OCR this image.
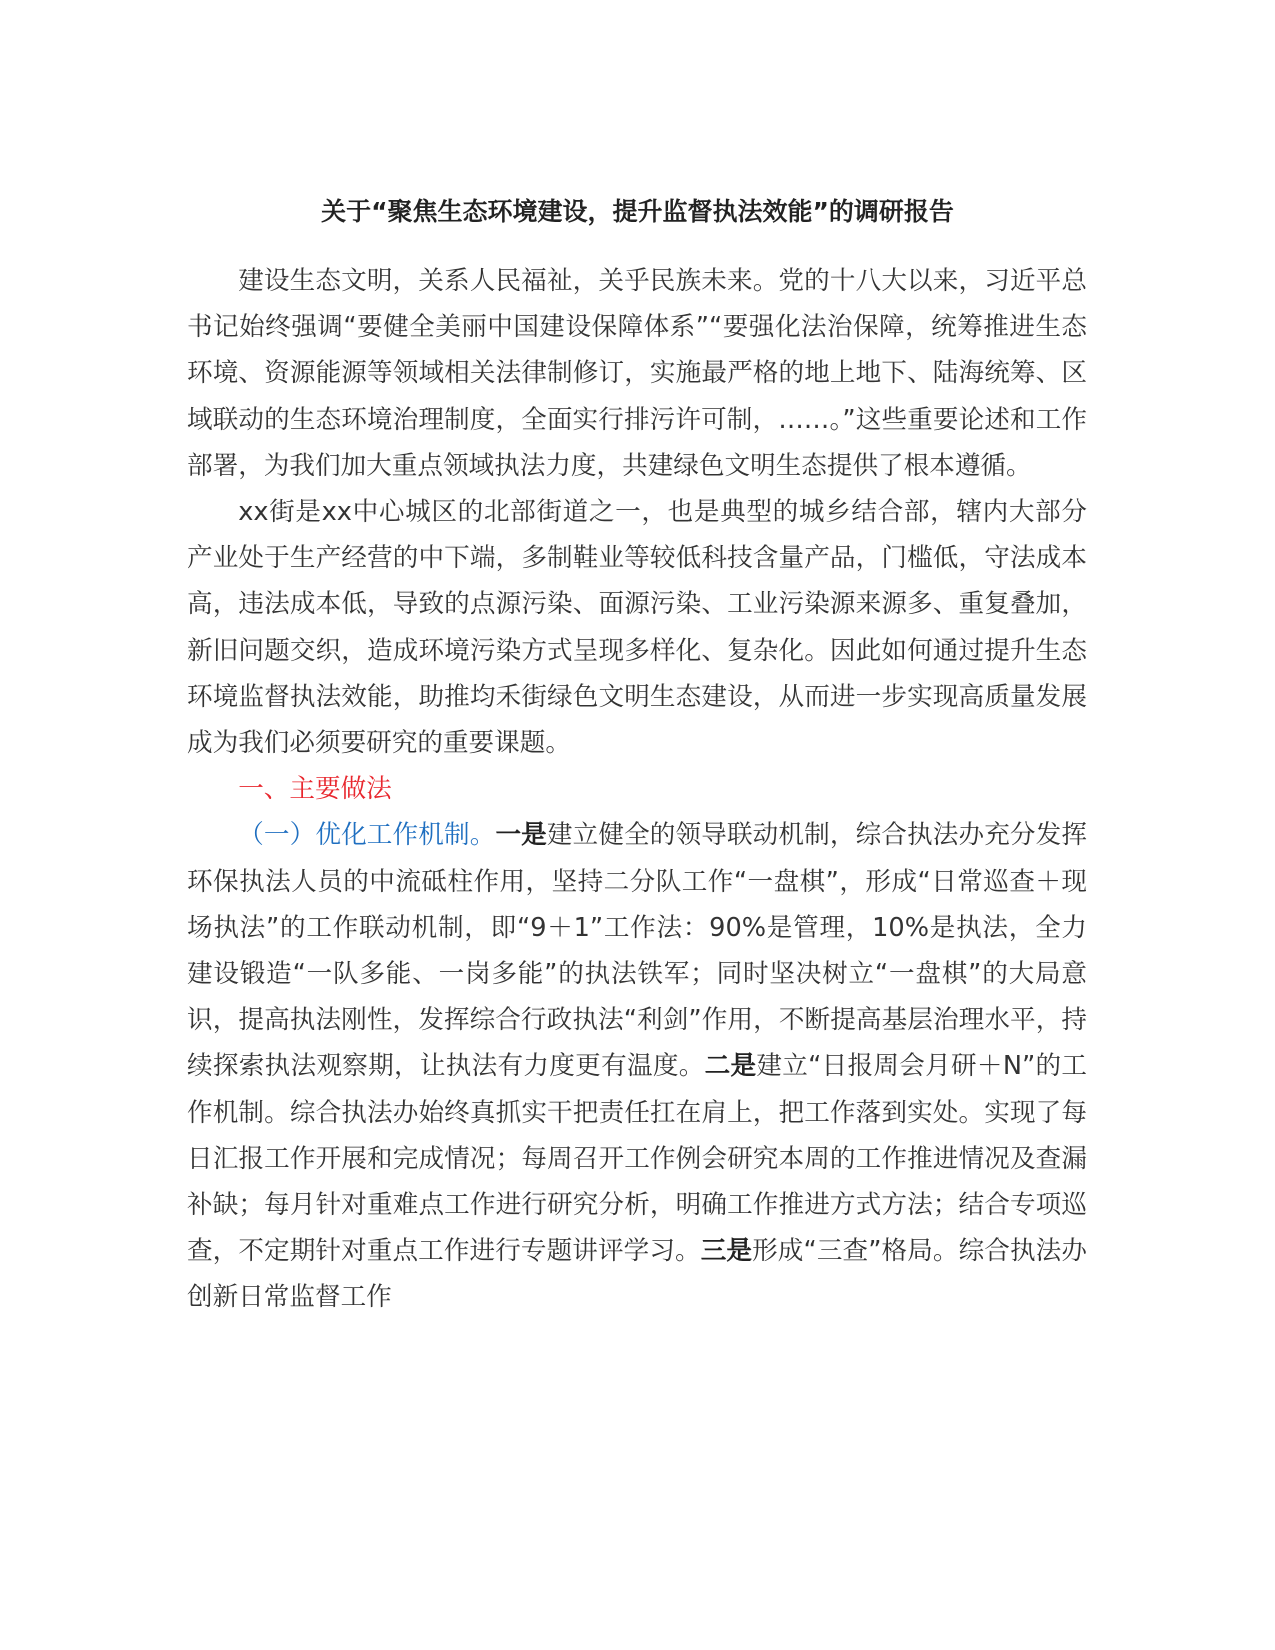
关于“聚焦生态环境建设，提升监督执法效能”的调研报告

建设生态文明，关系人民福祉，关乎民族未来。党的十八大以来，习近平总书记始终强调“要健全美丽中国建设保障体系”“要强化法治保障，统筹推进生态环境、资源能源等领域相关法律制修订，实施最严格的地上地下、陆海统筹、区域联动的生态环境治理制度，全面实行排污许可制，……。”这些重要论述和工作部署，为我们加大重点领域执法力度，共建绿色文明生态提供了根本遵循。

xx街是xx中心城区的北部街道之一，也是典型的城乡结合部，辖内大部分产业处于生产经营的中下端，多制鞋业等较低科技含量产品，门槛低，守法成本高，违法成本低，导致的点源污染、面源污染、工业污染源来源多、重复叠加，新旧问题交织，造成环境污染方式呈现多样化、复杂化。因此如何通过提升生态环境监督执法效能，助推均禾街绿色文明生态建设，从而进一步实现高质量发展成为我们必须要研究的重要课题。

一、主要做法

（一）优化工作机制。一是建立健全的领导联动机制，综合执法办充分发挥环保执法人员的中流砥柱作用，坚持二分队工作“一盘棋”，形成“日常巡查＋现场执法”的工作联动机制，即“9＋1”工作法：90%是管理，10%是执法，全力建设锻造“一队多能、一岗多能”的执法铁军；同时坚决树立“一盘棋”的大局意识，提高执法刚性，发挥综合行政执法“利剑”作用，不断提高基层治理水平，持续探索执法观察期，让执法有力度更有温度。二是建立“日报周会月研＋N”的工作机制。综合执法办始终真抓实干把责任扛在肩上，把工作落到实处。实现了每日汇报工作开展和完成情况；每周召开工作例会研究本周的工作推进情况及查漏补缺；每月针对重难点工作进行研究分析，明确工作推进方式方法；结合专项巡查，不定期针对重点工作进行专题讲评学习。三是形成“三查”格局。综合执法办创新日常监督工作
